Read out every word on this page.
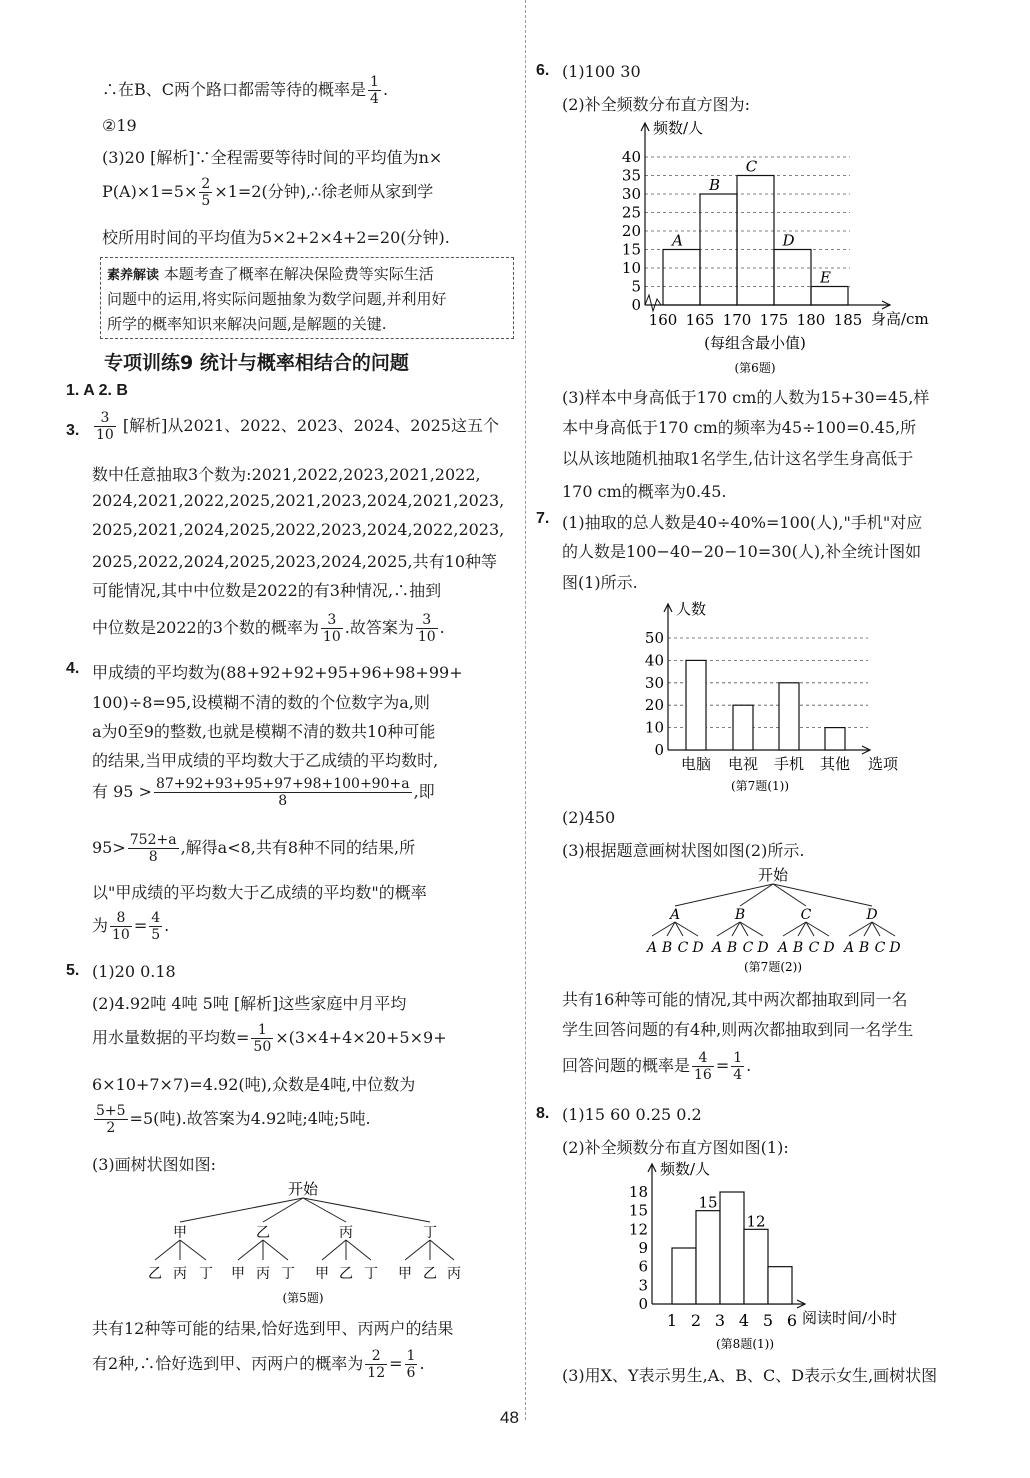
∴在B、C两个路口都需等待的概率是 $\frac{1}{4}$ .
②19
(3)20 [解析]∵全程需要等待时间的平均值为n×
$P(A)\times 1=5\times \frac{2}{5} \times 1=2$(分钟),∴徐老师从家到学
校所用时间的平均值为5×2+2×4+2=20(分钟).
素养解读 本题考查了概率在解决保险费等实际生活
问题中的运用,将实际问题抽象为数学问题,并利用好
所学的概率知识来解决问题,是解题的关键.
专项训练9 统计与概率相结合的问题
1. A 2. B
3. $\frac{3}{10}$ [解析]从2021、2022、2023、2024、2025这五个
数中任意抽取3个数为:2021,2022,2023,2021,2022,
2024,2021,2022,2025,2021,2023,2024,2021,2023,
2025,2021,2024,2025,2022,2023,2024,2022,2023,
2025,2022,2024,2025,2023,2024,2025,共有10种等
可能情况,其中中位数是2022的有3种情况,∴抽到
中位数是2022的3个数的概率为 $\frac{3}{10}$ .故答案为 $\frac{3}{10}$ .
4. 甲成绩的平均数为(88+92+92+95+96+98+99+
100)÷8=95,设模糊不清的数的个位数字为a,则
a为0至9的整数,也就是模糊不清的数共10种可能
的结果,当甲成绩的平均数大于乙成绩的平均数时,
有 $95 > \frac{87+92+93+95+97+98+100+90+a}{8}$ ,即
$95> \frac{752+a}{8}$ ,解得a<8,共有8种不同的结果,所
以"甲成绩的平均数大于乙成绩的平均数"的概率
为 $\frac{8}{10} = \frac{4}{5}$ .
5. (1)20 0.18
(2)4.92吨 4吨 5吨 [解析]这些家庭中月平均
用水量数据的平均数= $\frac{1}{50} \times(3\times 4+4\times 20+5\times 9+$
6×10+7×7)=4.92(吨),众数是4吨,中位数为
$\frac{5+5}{2} =5$(吨).故答案为4.92吨;4吨;5吨.
(3)画树状图如图:
开始
甲	乙	丙	丁
乙 丙 丁 甲 丙 丁 甲 乙 丁 甲 乙 丙
(第5题)
共有12种等可能的结果,恰好选到甲、丙两户的结果
有2种,∴恰好选到甲、丙两户的概率为 $\frac{2}{12} = \frac{1}{6}$ .
6. (1)100 30
(2)补全频数分布直方图为:
0
5
10
15
20
25
30
35
40
频数/人
身高/cm
A
B
C
D
E
160 165 170 175 180 185
(每组含最小值)
(第6题)
(3)样本中身高低于170 cm的人数为15+30=45,样
本中身高低于170 cm的频率为45÷100=0.45,所
以从该地随机抽取1名学生,估计这名学生身高低于
170 cm的概率为0.45.
7. (1)抽取的总人数是40÷40%=100(人),"手机"对应
的人数是100−40−20−10=30(人),补全统计图如
图(1)所示.
0
10
20
30
40
50
人数
选项
电脑 电视 手机 其他
(第7题(1))
(2)450
(3)根据题意画树状图如图(2)所示.
开始
A	B	C	D
A B C D A B C D A B C D A B C D
(第7题(2))
共有16种等可能的情况,其中两次都抽取到同一名
学生回答问题的有4种,则两次都抽取到同一名学生
回答问题的概率是 $\frac{4}{16} = \frac{1}{4}$ .
8. (1)15 60 0.25 0.2
(2)补全频数分布直方图如图(1):
0
3
6
9
12
15
18
频数/人
阅读时间/小时
15
12
1 2 3 4 5 6
(第8题(1))
(3)用X、Y表示男生,A、B、C、D表示女生,画树状图
48
